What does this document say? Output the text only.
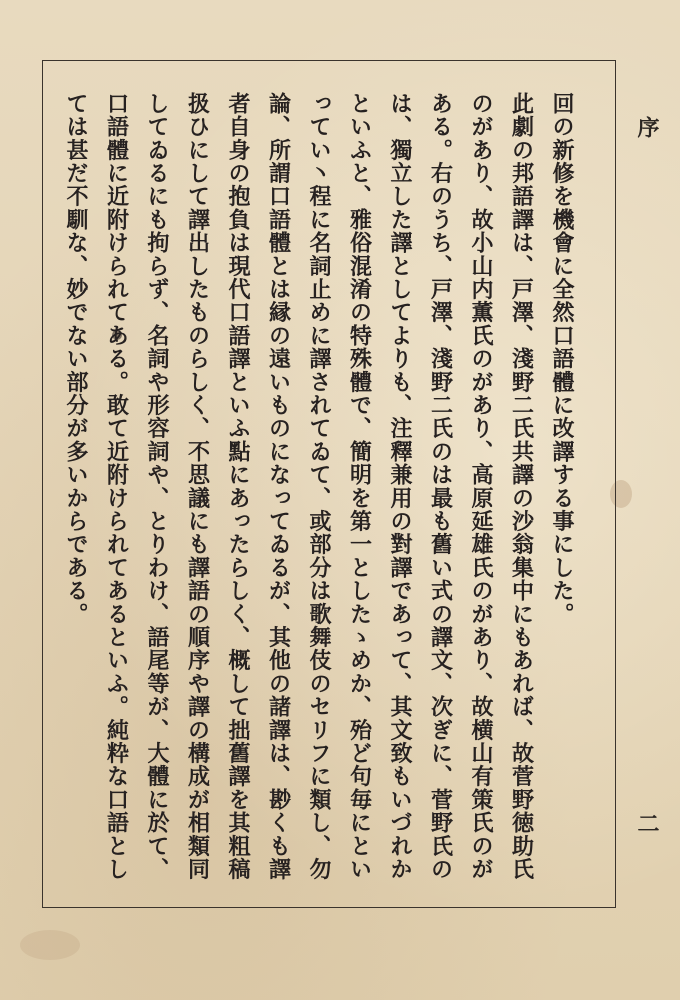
回の新修を機會に全然口語體に改譯する事にした。

此劇の邦語譯は、戸澤、淺野二氏共譯の沙翁集中にもあれば、故菅野徳助氏のがあり、故小山内薫氏のがあり、高原延雄氏のがあり、故横山有策氏のがある。右のうち、戸澤、淺野二氏のは最も舊い式の譯文、次ぎに、菅野氏のは、獨立した譯としてよりも、注釋兼用の對譯であって、其文致もいづれかといふと、雅俗混淆の特殊體で、簡明を第一としたゝめか、殆ど句毎にといってい丶程に名詞止めに譯されてゐて、或部分は歌舞伎のセリフに類し、勿論、所謂口語體とは縁の遠いものになってゐるが、其他の諸譯は、尠くも譯者自身の抱負は現代口語譯といふ點にあったらしく、概して拙舊譯を其粗稿扱ひにして譯出したものらしく、不思議にも譯語の順序や譯の構成が相類同してゐるにも拘らず、名詞や形容詞や、とりわけ、語尾等が、大體に於て、口語體に近附けられてある。敢て近附けられてあるといふ。純粋な口語としては甚だ不馴な、妙でない部分が多いからである。	序
二
